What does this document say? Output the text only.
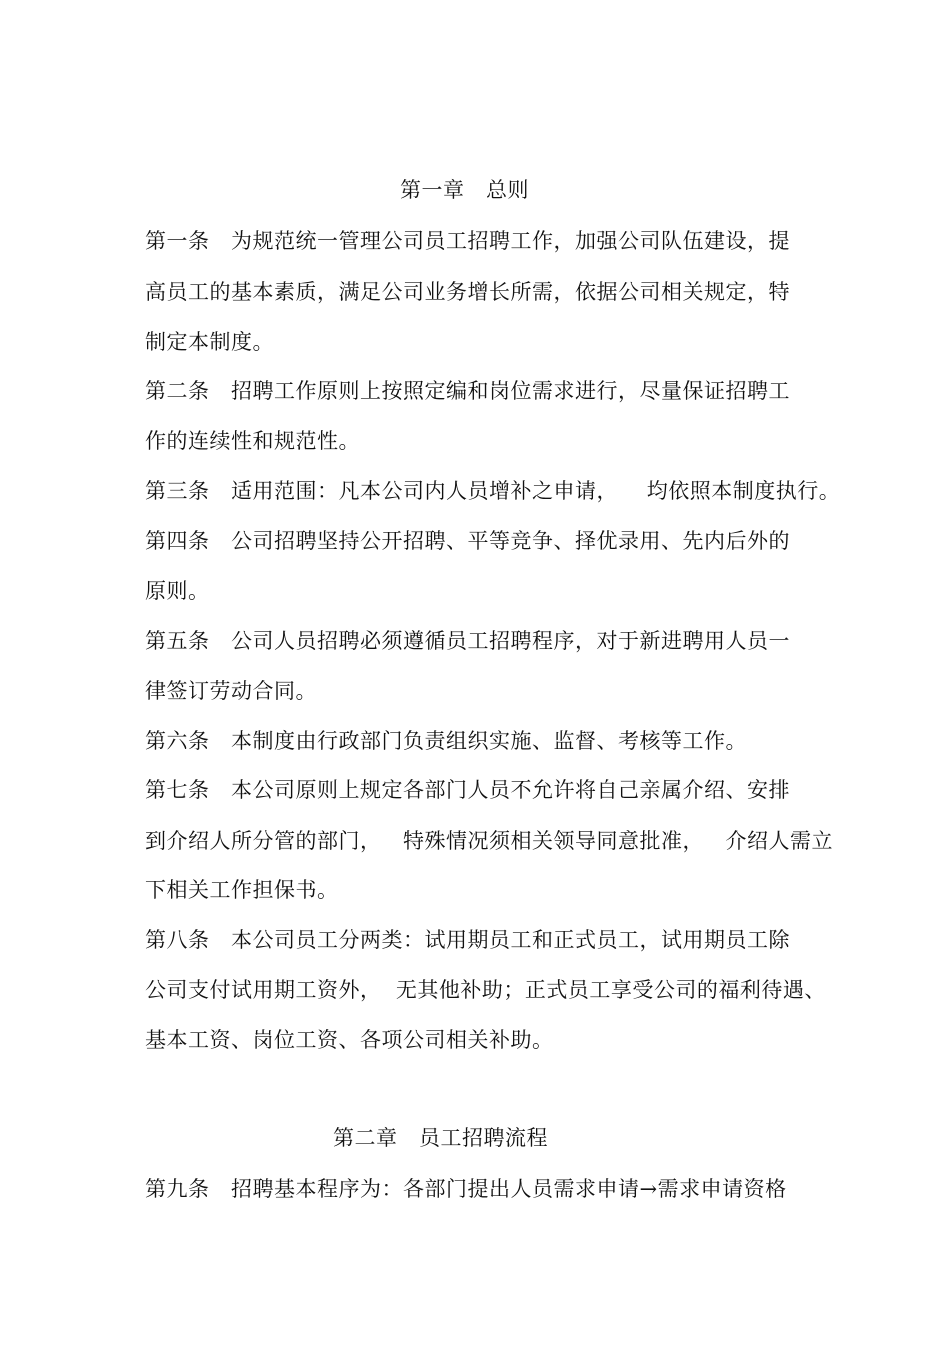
第一章   总则
第一条   为规范统一管理公司员工招聘工作，加强公司队伍建设，提
高员工的基本素质，满足公司业务增长所需，依据公司相关规定，特
制定本制度。
第二条   招聘工作原则上按照定编和岗位需求进行，尽量保证招聘工
作的连续性和规范性。
第三条   适用范围：凡本公司内人员增补之申请，    均依照本制度执行。
第四条   公司招聘坚持公开招聘、平等竞争、择优录用、先内后外的
原则。
第五条   公司人员招聘必须遵循员工招聘程序，对于新进聘用人员一
律签订劳动合同。
第六条   本制度由行政部门负责组织实施、监督、考核等工作。
第七条   本公司原则上规定各部门人员不允许将自己亲属介绍、安排
到介绍人所分管的部门，   特殊情况须相关领导同意批准，   介绍人需立
下相关工作担保书。
第八条   本公司员工分两类：试用期员工和正式员工，试用期员工除
公司支付试用期工资外，  无其他补助；正式员工享受公司的福利待遇、
基本工资、岗位工资、各项公司相关补助。
第二章   员工招聘流程
第九条   招聘基本程序为：各部门提出人员需求申请→需求申请资格
